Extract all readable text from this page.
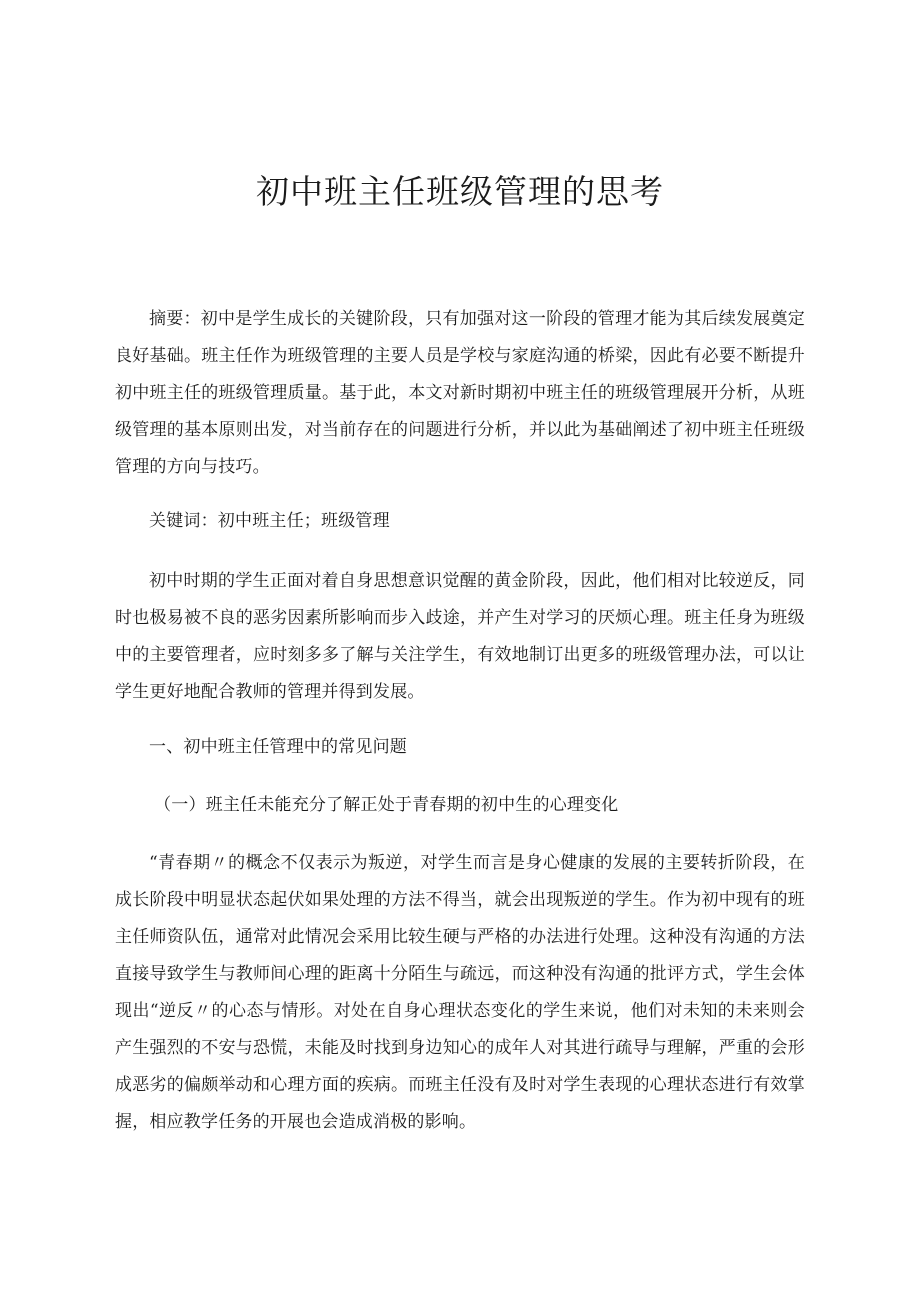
初中班主任班级管理的思考

摘要：初中是学生成长的关键阶段，只有加强对这一阶段的管理才能为其后续发展奠定良好基础。班主任作为班级管理的主要人员是学校与家庭沟通的桥梁，因此有必要不断提升初中班主任的班级管理质量。基于此，本文对新时期初中班主任的班级管理展开分析，从班级管理的基本原则出发，对当前存在的问题进行分析，并以此为基础阐述了初中班主任班级管理的方向与技巧。

关键词：初中班主任；班级管理

初中时期的学生正面对着自身思想意识觉醒的黄金阶段，因此，他们相对比较逆反，同时也极易被不良的恶劣因素所影响而步入歧途，并产生对学习的厌烦心理。班主任身为班级中的主要管理者，应时刻多多了解与关注学生，有效地制订出更多的班级管理办法，可以让学生更好地配合教师的管理并得到发展。

一、初中班主任管理中的常见问题

（一）班主任未能充分了解正处于青春期的初中生的心理变化

“青春期〃的概念不仅表示为叛逆，对学生而言是身心健康的发展的主要转折阶段，在成长阶段中明显状态起伏如果处理的方法不得当，就会出现叛逆的学生。作为初中现有的班主任师资队伍，通常对此情况会采用比较生硬与严格的办法进行处理。这种没有沟通的方法直接导致学生与教师间心理的距离十分陌生与疏远，而这种没有沟通的批评方式，学生会体现出“逆反〃的心态与情形。对处在自身心理状态变化的学生来说，他们对未知的未来则会产生强烈的不安与恐慌，未能及时找到身边知心的成年人对其进行疏导与理解，严重的会形成恶劣的偏颇举动和心理方面的疾病。而班主任没有及时对学生表现的心理状态进行有效掌握，相应教学任务的开展也会造成消极的影响。
